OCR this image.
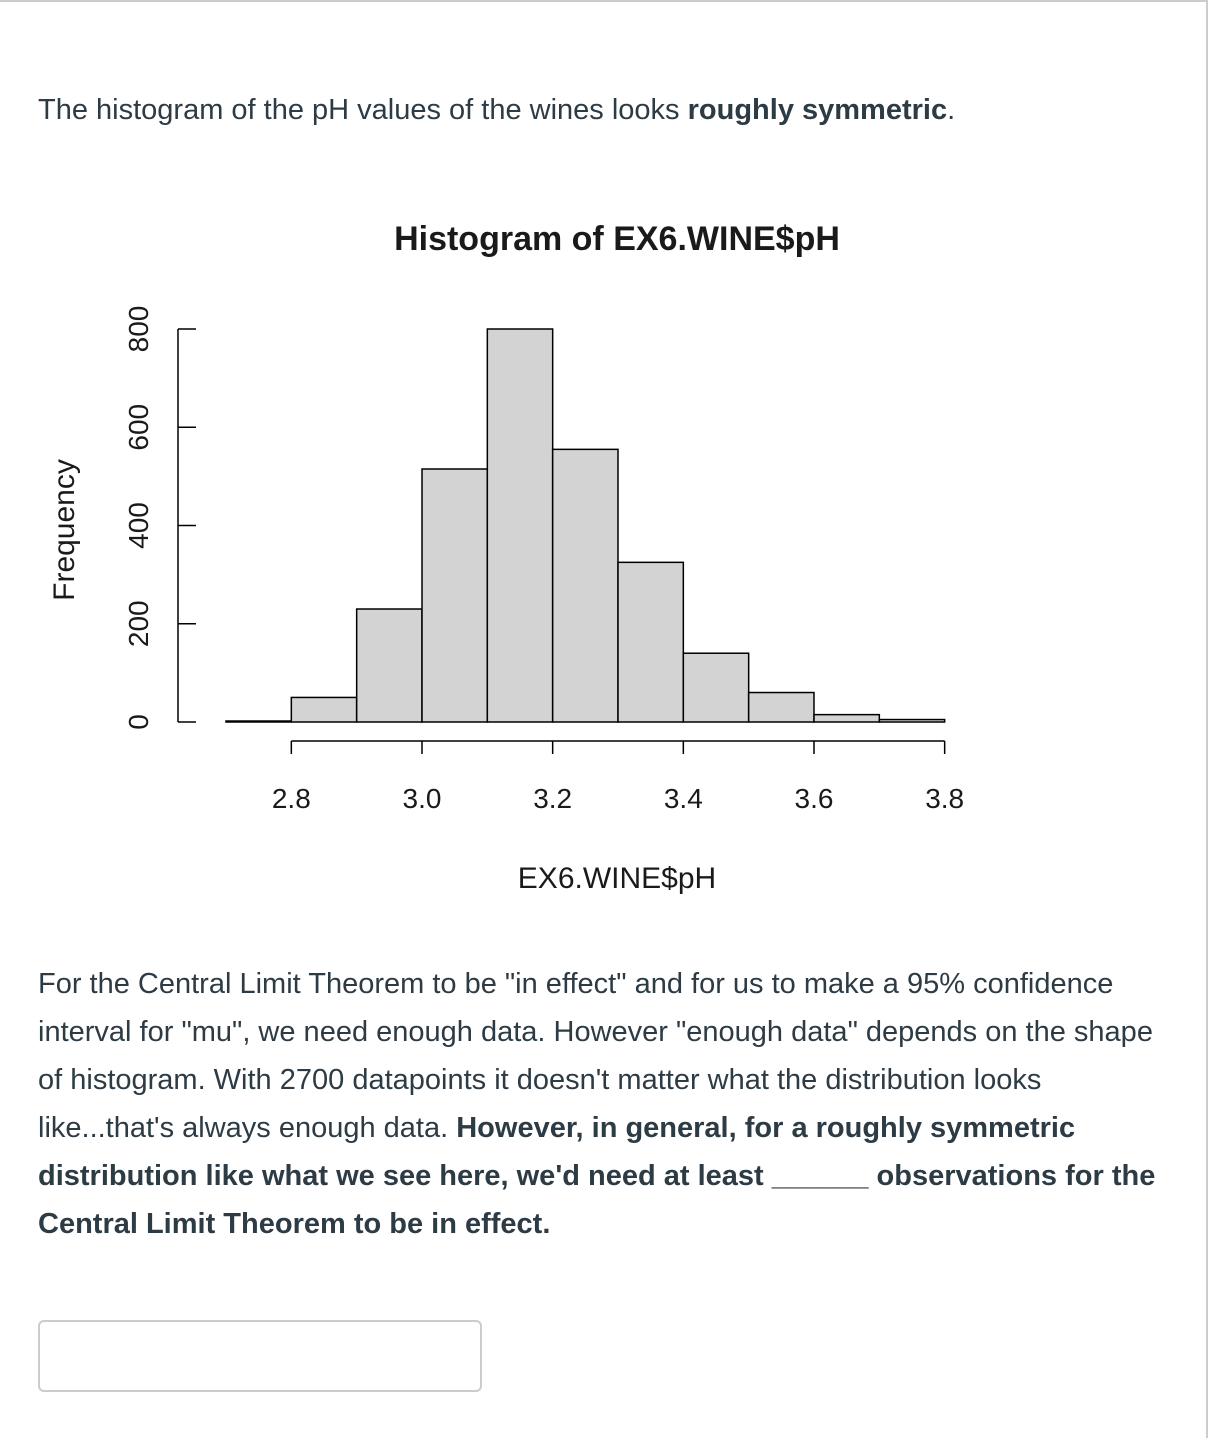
The histogram of the pH values of the wines looks roughly symmetric.

Histogram of EX6.WINE$pH
EX6.WINE$pH
Frequency
0
200
400
600
800
2.8	3.0	3.2	3.4	3.6	3.8

For the Central Limit Theorem to be "in effect" and for us to make a 95% confidence interval for "mu", we need enough data. However "enough data" depends on the shape of histogram. With 2700 datapoints it doesn't matter what the distribution looks like...that's always enough data. However, in general, for a roughly symmetric distribution like what we see here, we'd need at least ______ observations for the Central Limit Theorem to be in effect.
